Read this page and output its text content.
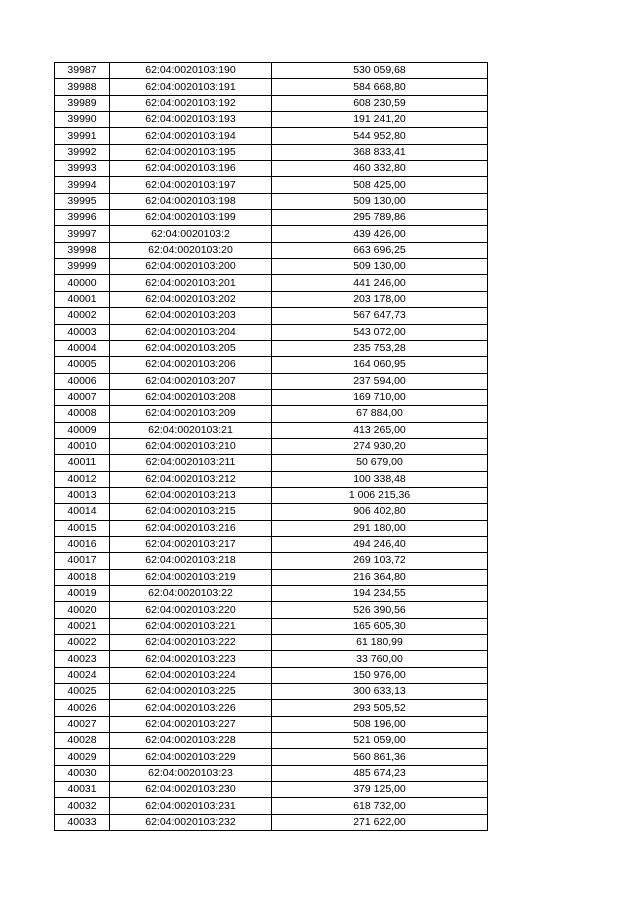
39987	62:04:0020103:190	530 059,68
39988	62:04:0020103:191	584 668,80
39989	62:04:0020103:192	608 230,59
39990	62:04:0020103:193	191 241,20
39991	62:04:0020103:194	544 952,80
39992	62:04:0020103:195	368 833,41
39993	62:04:0020103:196	460 332,80
39994	62:04:0020103:197	508 425,00
39995	62:04:0020103:198	509 130,00
39996	62:04:0020103:199	295 789,86
39997	62:04:0020103:2	439 426,00
39998	62:04:0020103:20	663 696,25
39999	62:04:0020103:200	509 130,00
40000	62:04:0020103:201	441 246,00
40001	62:04:0020103:202	203 178,00
40002	62:04:0020103:203	567 647,73
40003	62:04:0020103:204	543 072,00
40004	62:04:0020103:205	235 753,28
40005	62:04:0020103:206	164 060,95
40006	62:04:0020103:207	237 594,00
40007	62:04:0020103:208	169 710,00
40008	62:04:0020103:209	67 884,00
40009	62:04:0020103:21	413 265,00
40010	62:04:0020103:210	274 930,20
40011	62:04:0020103:211	50 679,00
40012	62:04:0020103:212	100 338,48
40013	62:04:0020103:213	1 006 215,36
40014	62:04:0020103:215	906 402,80
40015	62:04:0020103:216	291 180,00
40016	62:04:0020103:217	494 246,40
40017	62:04:0020103:218	269 103,72
40018	62:04:0020103:219	216 364,80
40019	62:04:0020103:22	194 234,55
40020	62:04:0020103:220	526 390,56
40021	62:04:0020103:221	165 605,30
40022	62:04:0020103:222	61 180,99
40023	62:04:0020103:223	33 760,00
40024	62:04:0020103:224	150 976,00
40025	62:04:0020103:225	300 633,13
40026	62:04:0020103:226	293 505,52
40027	62:04:0020103:227	508 196,00
40028	62:04:0020103:228	521 059,00
40029	62:04:0020103:229	560 861,36
40030	62:04:0020103:23	485 674,23
40031	62:04:0020103:230	379 125,00
40032	62:04:0020103:231	618 732,00
40033	62:04:0020103:232	271 622,00
